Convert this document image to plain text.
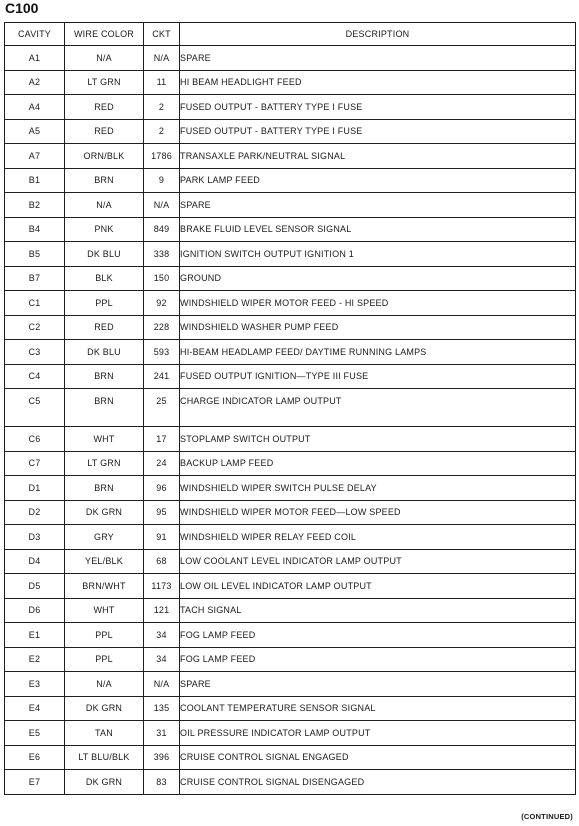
C100
CAVITY	WIRE COLOR	CKT	DESCRIPTION
A1	N/A	N/A	SPARE
A2	LT GRN	11	HI BEAM HEADLIGHT FEED
A4	RED	2	FUSED OUTPUT - BATTERY TYPE I FUSE
A5	RED	2	FUSED OUTPUT - BATTERY TYPE I FUSE
A7	ORN/BLK	1786	TRANSAXLE PARK/NEUTRAL SIGNAL
B1	BRN	9	PARK LAMP FEED
B2	N/A	N/A	SPARE
B4	PNK	849	BRAKE FLUID LEVEL SENSOR SIGNAL
B5	DK BLU	338	IGNITION SWITCH OUTPUT IGNITION 1
B7	BLK	150	GROUND
C1	PPL	92	WINDSHIELD WIPER MOTOR FEED - HI SPEED
C2	RED	228	WINDSHIELD WASHER PUMP FEED
C3	DK BLU	593	HI-BEAM HEADLAMP FEED/ DAYTIME RUNNING LAMPS
C4	BRN	241	FUSED OUTPUT IGNITION—TYPE III FUSE
C5	BRN	25	CHARGE INDICATOR LAMP OUTPUT
C6	WHT	17	STOPLAMP SWITCH OUTPUT
C7	LT GRN	24	BACKUP LAMP FEED
D1	BRN	96	WINDSHIELD WIPER SWITCH PULSE DELAY
D2	DK GRN	95	WINDSHIELD WIPER MOTOR FEED—LOW SPEED
D3	GRY	91	WINDSHIELD WIPER RELAY FEED COIL
D4	YEL/BLK	68	LOW COOLANT LEVEL INDICATOR LAMP OUTPUT
D5	BRN/WHT	1173	LOW OIL LEVEL INDICATOR LAMP OUTPUT
D6	WHT	121	TACH SIGNAL
E1	PPL	34	FOG LAMP FEED
E2	PPL	34	FOG LAMP FEED
E3	N/A	N/A	SPARE
E4	DK GRN	135	COOLANT TEMPERATURE SENSOR SIGNAL
E5	TAN	31	OIL PRESSURE INDICATOR LAMP OUTPUT
E6	LT BLU/BLK	396	CRUISE CONTROL SIGNAL ENGAGED
E7	DK GRN	83	CRUISE CONTROL SIGNAL DISENGAGED
(CONTINUED)
